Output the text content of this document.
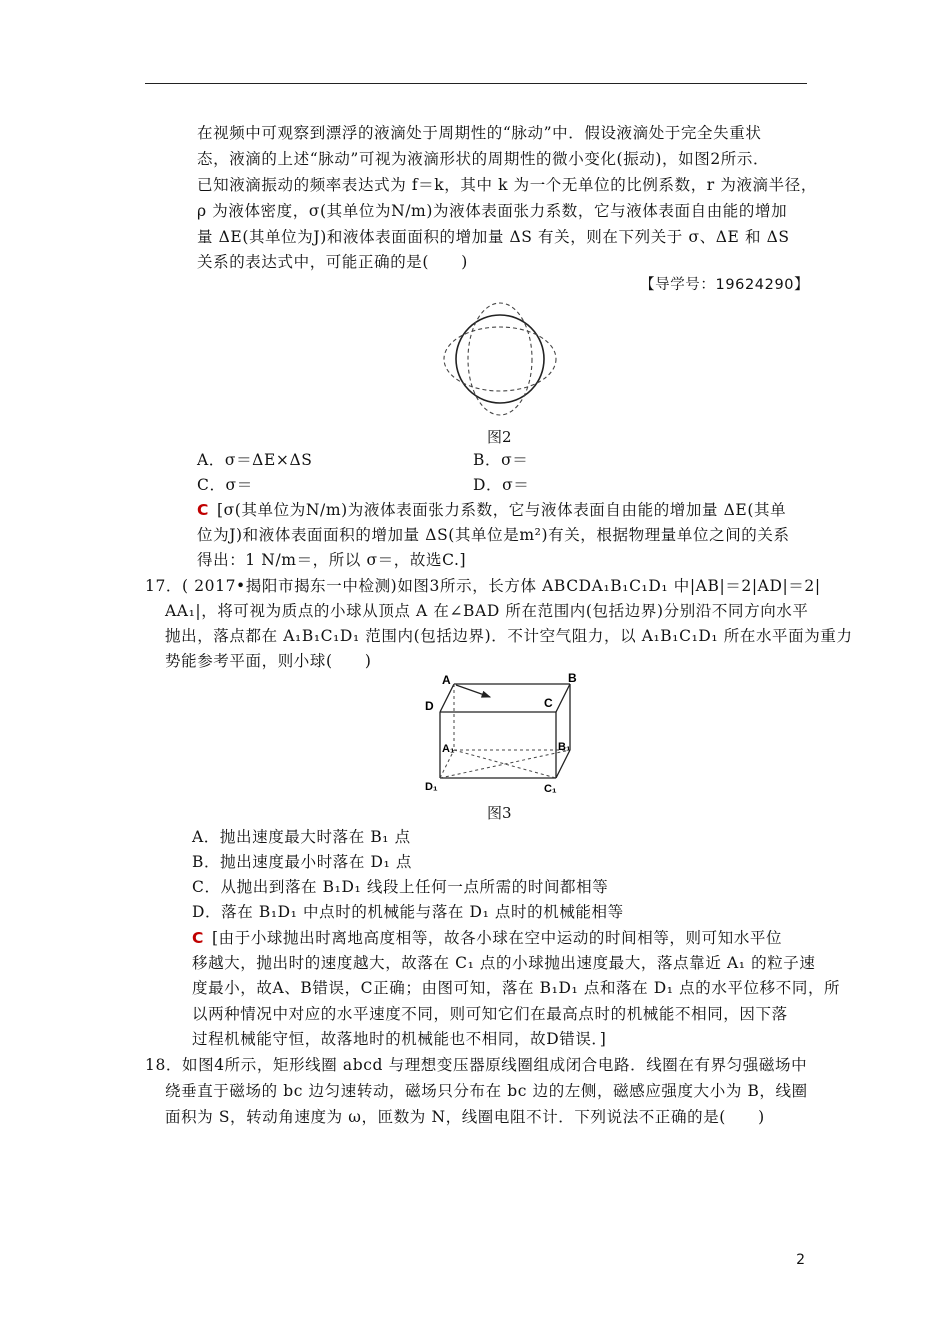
在视频中可观察到漂浮的液滴处于周期性的“脉动”中．假设液滴处于完全失重状
态，液滴的上述“脉动”可视为液滴形状的周期性的微小变化(振动)，如图2所示．
已知液滴振动的频率表达式为 f＝k，其中 k 为一个无单位的比例系数，r 为液滴半径，
ρ 为液体密度，σ(其单位为N/m)为液体表面张力系数，它与液体表面自由能的增加
量 ΔE(其单位为J)和液体表面面积的增加量 ΔS 有关，则在下列关于 σ、ΔE 和 ΔS
关系的表达式中，可能正确的是(　　)
【导学号：19624290】
图2
A．σ＝ΔE×ΔS	B．σ＝
C．σ＝	D．σ＝
C [σ(其单位为N/m)为液体表面张力系数，它与液体表面自由能的增加量 ΔE(其单
位为J)和液体表面面积的增加量 ΔS(其单位是m²)有关，根据物理量单位之间的关系
得出：1 N/m＝，所以 σ＝，故选C.]
17．( 2017•揭阳市揭东一中检测)如图3所示，长方体 ABCDA₁B₁C₁D₁ 中|AB|＝2|AD|＝2|
AA₁|，将可视为质点的小球从顶点 A 在∠BAD 所在范围内(包括边界)分别沿不同方向水平
抛出，落点都在 A₁B₁C₁D₁ 范围内(包括边界)．不计空气阻力，以 A₁B₁C₁D₁ 所在水平面为重力
势能参考平面，则小球(　　)
A	B
C
D
A₁	B₁
C₁
D₁
图3
A．抛出速度最大时落在 B₁ 点
B．抛出速度最小时落在 D₁ 点
C．从抛出到落在 B₁D₁ 线段上任何一点所需的时间都相等
D．落在 B₁D₁ 中点时的机械能与落在 D₁ 点时的机械能相等
C [由于小球抛出时离地高度相等，故各小球在空中运动的时间相等，则可知水平位
移越大，抛出时的速度越大，故落在 C₁ 点的小球抛出速度最大，落点靠近 A₁ 的粒子速
度最小，故A、B错误，C正确；由图可知，落在 B₁D₁ 点和落在 D₁ 点的水平位移不同，所
以两种情况中对应的水平速度不同，则可知它们在最高点时的机械能不相同，因下落
过程机械能守恒，故落地时的机械能也不相同，故D错误．]
18．如图4所示，矩形线圈 abcd 与理想变压器原线圈组成闭合电路．线圈在有界匀强磁场中
绕垂直于磁场的 bc 边匀速转动，磁场只分布在 bc 边的左侧，磁感应强度大小为 B，线圈
面积为 S，转动角速度为 ω，匝数为 N，线圈电阻不计．下列说法不正确的是(　　)
2
